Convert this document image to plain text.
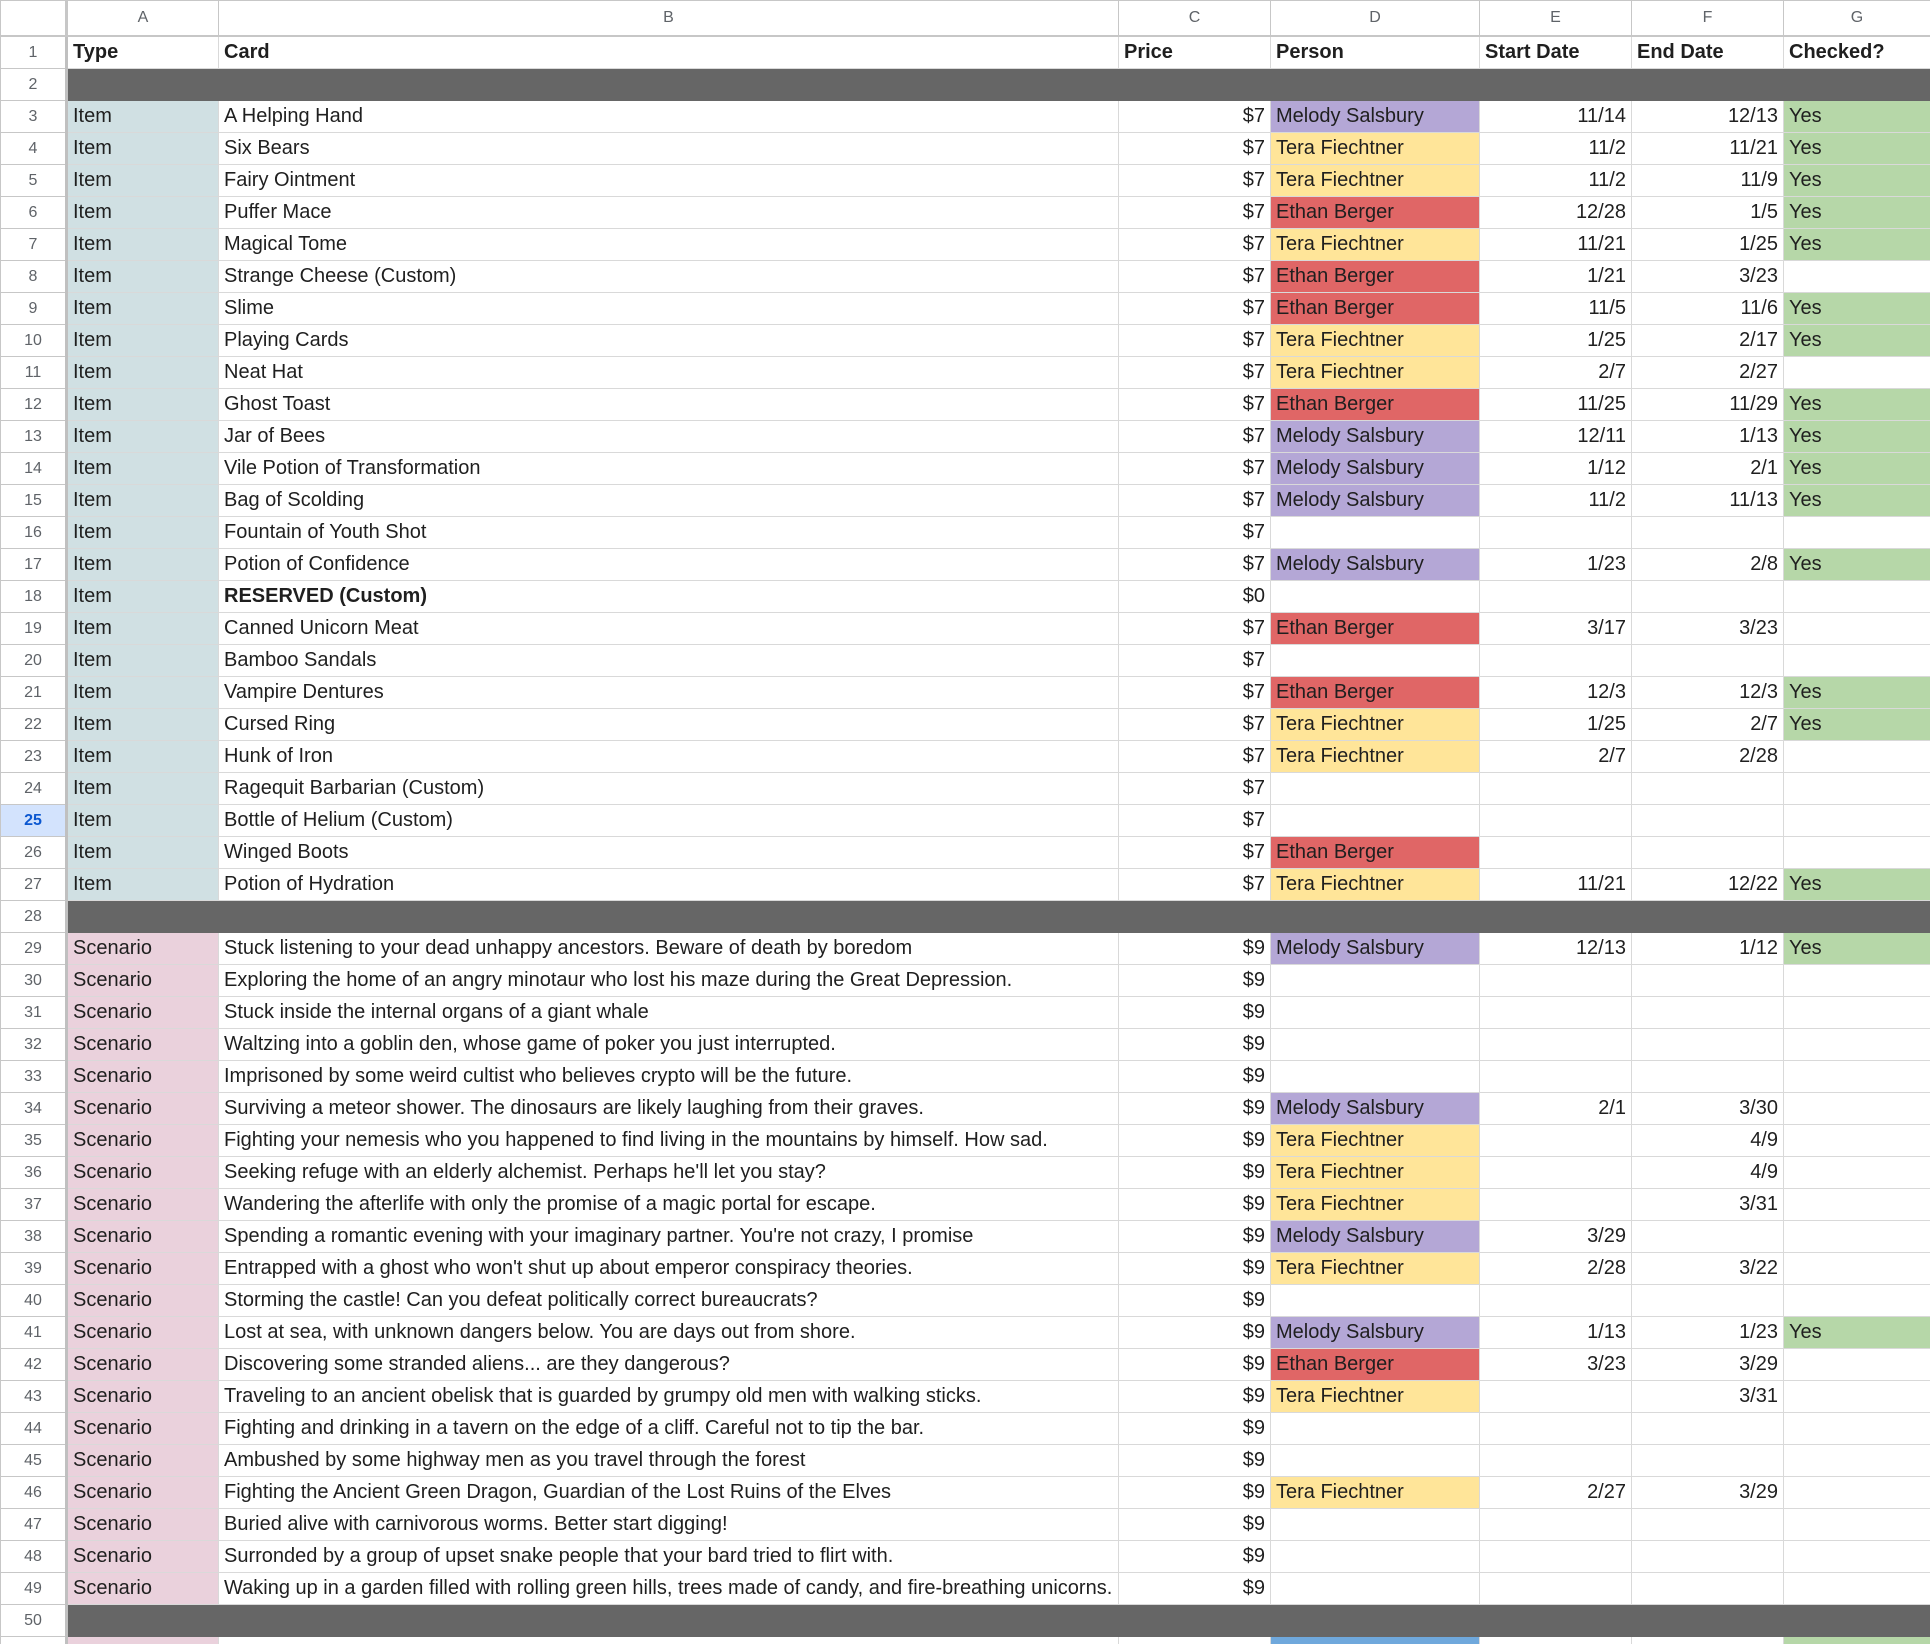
	A	B	C	D	E	F	G
1	Type	Card	Price	Person	Start Date	End Date	Checked?
2							
3	Item	A Helping Hand	$7	Melody Salsbury	11/14	12/13	Yes
4	Item	Six Bears	$7	Tera Fiechtner	11/2	11/21	Yes
5	Item	Fairy Ointment	$7	Tera Fiechtner	11/2	11/9	Yes
6	Item	Puffer Mace	$7	Ethan Berger	12/28	1/5	Yes
7	Item	Magical Tome	$7	Tera Fiechtner	11/21	1/25	Yes
8	Item	Strange Cheese (Custom)	$7	Ethan Berger	1/21	3/23	
9	Item	Slime	$7	Ethan Berger	11/5	11/6	Yes
10	Item	Playing Cards	$7	Tera Fiechtner	1/25	2/17	Yes
11	Item	Neat Hat	$7	Tera Fiechtner	2/7	2/27	
12	Item	Ghost Toast	$7	Ethan Berger	11/25	11/29	Yes
13	Item	Jar of Bees	$7	Melody Salsbury	12/11	1/13	Yes
14	Item	Vile Potion of Transformation	$7	Melody Salsbury	1/12	2/1	Yes
15	Item	Bag of Scolding	$7	Melody Salsbury	11/2	11/13	Yes
16	Item	Fountain of Youth Shot	$7				
17	Item	Potion of Confidence	$7	Melody Salsbury	1/23	2/8	Yes
18	Item	RESERVED (Custom)	$0				
19	Item	Canned Unicorn Meat	$7	Ethan Berger	3/17	3/23	
20	Item	Bamboo Sandals	$7				
21	Item	Vampire Dentures	$7	Ethan Berger	12/3	12/3	Yes
22	Item	Cursed Ring	$7	Tera Fiechtner	1/25	2/7	Yes
23	Item	Hunk of Iron	$7	Tera Fiechtner	2/7	2/28	
24	Item	Ragequit Barbarian (Custom)	$7				
25	Item	Bottle of Helium (Custom)	$7				
26	Item	Winged Boots	$7	Ethan Berger			
27	Item	Potion of Hydration	$7	Tera Fiechtner	11/21	12/22	Yes
28							
29	Scenario	Stuck listening to your dead unhappy ancestors. Beware of death by boredom	$9	Melody Salsbury	12/13	1/12	Yes
30	Scenario	Exploring the home of an angry minotaur who lost his maze during the Great Depression.	$9				
31	Scenario	Stuck inside the internal organs of a giant whale	$9				
32	Scenario	Waltzing into a goblin den, whose game of poker you just interrupted.	$9				
33	Scenario	Imprisoned by some weird cultist who believes crypto will be the future.	$9				
34	Scenario	Surviving a meteor shower. The dinosaurs are likely laughing from their graves.	$9	Melody Salsbury	2/1	3/30	
35	Scenario	Fighting your nemesis who you happened to find living in the mountains by himself. How sad.	$9	Tera Fiechtner		4/9	
36	Scenario	Seeking refuge with an elderly alchemist. Perhaps he'll let you stay?	$9	Tera Fiechtner		4/9	
37	Scenario	Wandering the afterlife with only the promise of a magic portal for escape.	$9	Tera Fiechtner		3/31	
38	Scenario	Spending a romantic evening with your imaginary partner. You're not crazy, I promise	$9	Melody Salsbury	3/29		
39	Scenario	Entrapped with a ghost who won't shut up about emperor conspiracy theories.	$9	Tera Fiechtner	2/28	3/22	
40	Scenario	Storming the castle! Can you defeat politically correct bureaucrats?	$9				
41	Scenario	Lost at sea, with unknown dangers below. You are days out from shore.	$9	Melody Salsbury	1/13	1/23	Yes
42	Scenario	Discovering some stranded aliens... are they dangerous?	$9	Ethan Berger	3/23	3/29	
43	Scenario	Traveling to an ancient obelisk that is guarded by grumpy old men with walking sticks.	$9	Tera Fiechtner		3/31	
44	Scenario	Fighting and drinking in a tavern on the edge of a cliff. Careful not to tip the bar.	$9				
45	Scenario	Ambushed by some highway men as you travel through the forest	$9				
46	Scenario	Fighting the Ancient Green Dragon, Guardian of the Lost Ruins of the Elves	$9	Tera Fiechtner	2/27	3/29	
47	Scenario	Buried alive with carnivorous worms. Better start digging!	$9				
48	Scenario	Surronded by a group of upset snake people that your bard tried to flirt with.	$9				
49	Scenario	Waking up in a garden filled with rolling green hills, trees made of candy, and fire-breathing unicorns.	$9				
50							
